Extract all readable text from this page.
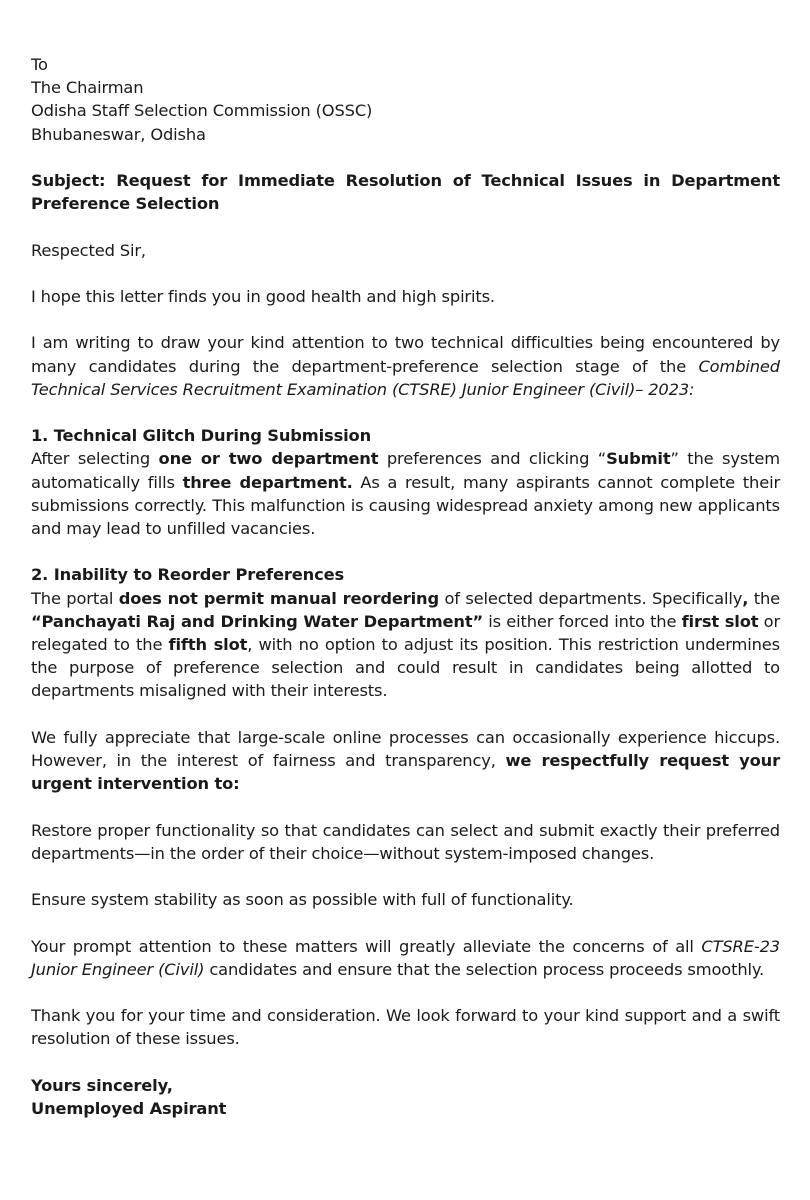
To
The Chairman
Odisha Staff Selection Commission (OSSC)
Bhubaneswar, Odisha
Subject: Request for Immediate Resolution of Technical Issues in Department Preference Selection
Respected Sir,
I hope this letter finds you in good health and high spirits.
I am writing to draw your kind attention to two technical difficulties being encountered by many candidates during the department-preference selection stage of the Combined Technical Services Recruitment Examination (CTSRE) Junior Engineer (Civil)– 2023:
1. Technical Glitch During Submission
After selecting one or two department preferences and clicking “Submit” the system automatically fills three department. As a result, many aspirants cannot complete their submissions correctly. This malfunction is causing widespread anxiety among new applicants and may lead to unfilled vacancies.
2. Inability to Reorder Preferences
The portal does not permit manual reordering of selected departments. Specifically, the “Panchayati Raj and Drinking Water Department” is either forced into the first slot or relegated to the fifth slot, with no option to adjust its position. This restriction undermines the purpose of preference selection and could result in candidates being allotted to departments misaligned with their interests.
We fully appreciate that large-scale online processes can occasionally experience hiccups. However, in the interest of fairness and transparency, we respectfully request your urgent intervention to:
Restore proper functionality so that candidates can select and submit exactly their preferred departments—in the order of their choice—without system-imposed changes.
Ensure system stability as soon as possible with full of functionality.
Your prompt attention to these matters will greatly alleviate the concerns of all CTSRE-23 Junior Engineer (Civil) candidates and ensure that the selection process proceeds smoothly.
Thank you for your time and consideration. We look forward to your kind support and a swift resolution of these issues.
Yours sincerely,
Unemployed Aspirant
